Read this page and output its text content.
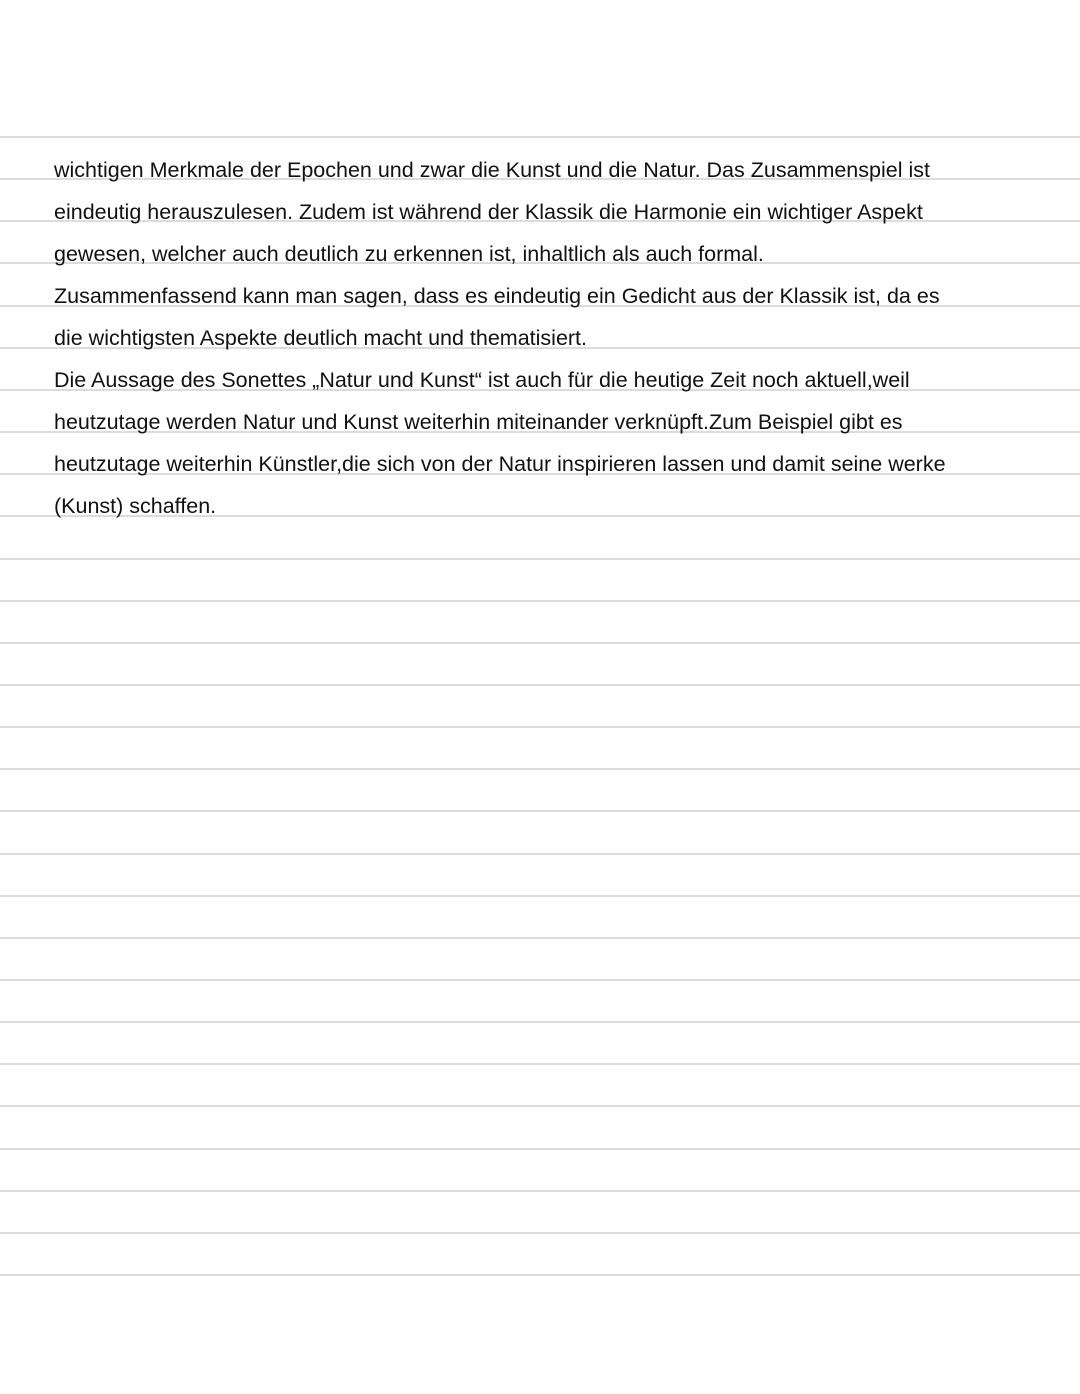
wichtigen Merkmale der Epochen und zwar die Kunst und die Natur. Das Zusammenspiel ist
eindeutig herauszulesen. Zudem ist während der Klassik die Harmonie ein wichtiger Aspekt
gewesen, welcher auch deutlich zu erkennen ist, inhaltlich als auch formal.
Zusammenfassend kann man sagen, dass es eindeutig ein Gedicht aus der Klassik ist, da es
die wichtigsten Aspekte deutlich macht und thematisiert.
Die Aussage des Sonettes „Natur und Kunst“ ist auch für die heutige Zeit noch aktuell,weil
heutzutage werden Natur und Kunst weiterhin miteinander verknüpft.Zum Beispiel gibt es
heutzutage weiterhin Künstler,die sich von der Natur inspirieren lassen und damit seine werke
(Kunst) schaffen.
